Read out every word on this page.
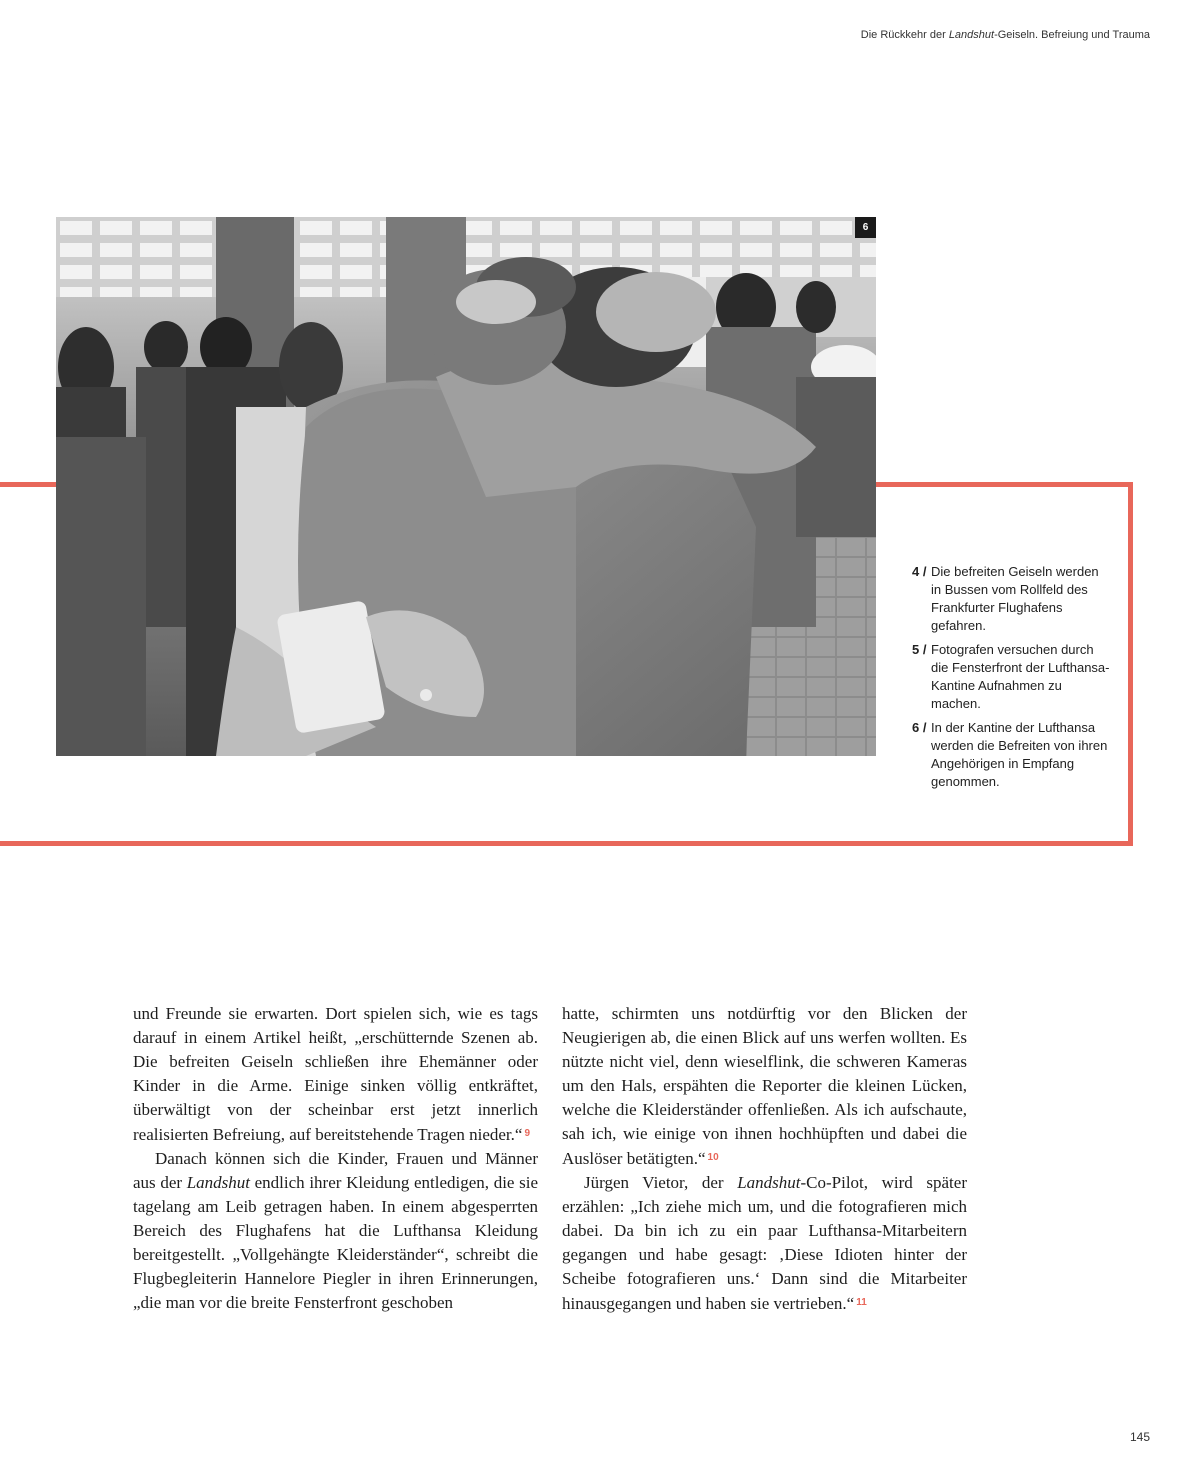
Die Rückkehr der Landshut-Geiseln. Befreiung und Trauma
6
4 / Die befreiten Geiseln werden in Bussen vom Rollfeld des Frankfurter Flughafens gefahren.
5 / Fotografen versuchen durch die Fensterfront der Lufthansa-Kantine Aufnahmen zu machen.
6 / In der Kantine der Lufthansa werden die Befreiten von ihren Angehörigen in Empfang genommen.

und Freunde sie erwarten. Dort spielen sich, wie es tags darauf in einem Artikel heißt, „erschütternde Szenen ab. Die befreiten Geiseln schließen ihre Ehemänner oder Kinder in die Arme. Einige sinken völlig entkräftet, überwältigt von der scheinbar erst jetzt innerlich realisierten Befreiung, auf bereitstehende Tragen nieder.“ $^9$

Danach können sich die Kinder, Frauen und Männer aus der Landshut endlich ihrer Kleidung entledigen, die sie tagelang am Leib getragen haben. In einem abgesperrten Bereich des Flughafens hat die Lufthansa Kleidung bereitgestellt. „Vollgehängte Kleiderständer“, schreibt die Flugbegleiterin Hannelore Piegler in ihren Erinnerungen, „die man vor die breite Fensterfront geschoben

hatte, schirmten uns notdürftig vor den Blicken der Neugierigen ab, die einen Blick auf uns werfen wollten. Es nützte nicht viel, denn wieselflink, die schweren Kameras um den Hals, erspähten die Reporter die kleinen Lücken, welche die Kleiderständer offenließen. Als ich aufschaute, sah ich, wie einige von ihnen hochhüpften und dabei die Auslöser betätigten.“ $^{10}$

Jürgen Vietor, der Landshut-Co-Pilot, wird später erzählen: „Ich ziehe mich um, und die fotografieren mich dabei. Da bin ich zu ein paar Lufthansa-Mitarbeitern gegangen und habe gesagt: ‚Diese Idioten hinter der Scheibe fotografieren uns.‘ Dann sind die Mitarbeiter hinausgegangen und haben sie vertrieben.“ $^{11}$

145
